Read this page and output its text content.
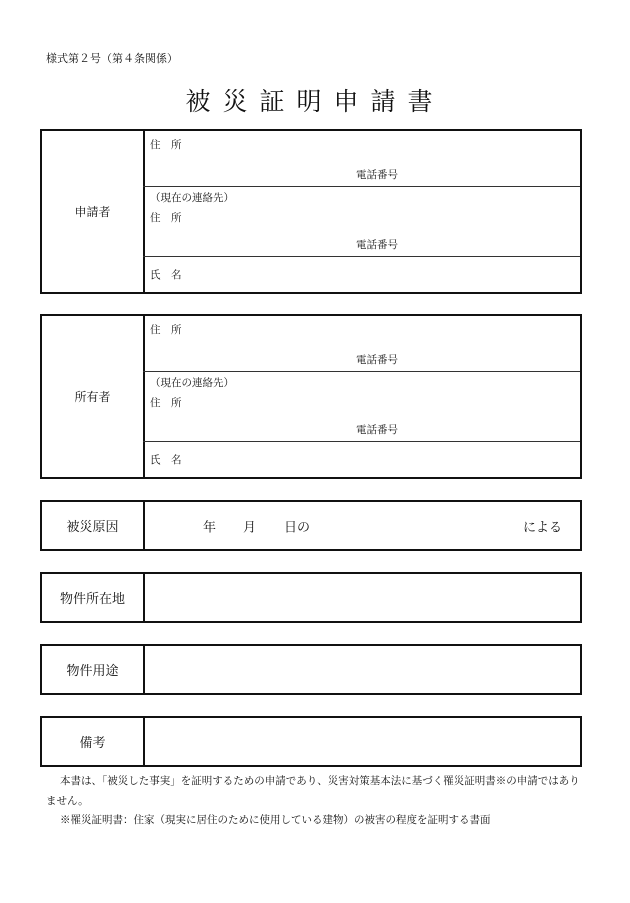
様式第２号（第４条関係）
被災証明申請書
申請者
住　所
電話番号
（現在の連絡先）
住　所
電話番号
氏　名
所有者
住　所
電話番号
（現在の連絡先）
住　所
電話番号
氏　名
被災原因	年 月 日の	による
物件所在地
物件用途
備考
本書は、「被災した事実」を証明するための申請であり、災害対策基本法に基づく罹災証明書※の申請ではありません。
※罹災証明書：住家（現実に居住のために使用している建物）の被害の程度を証明する書面
